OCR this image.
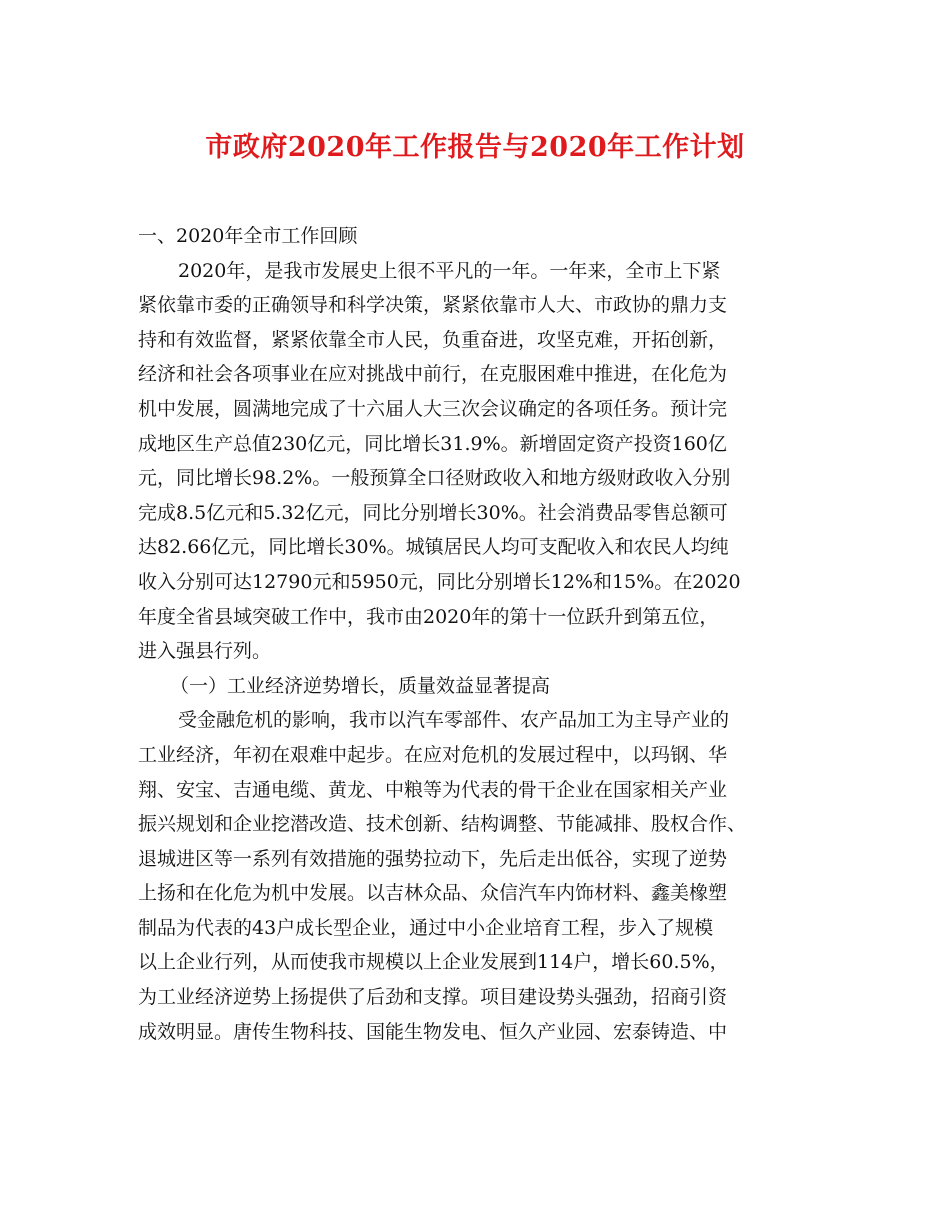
市政府2020年工作报告与2020年工作计划
一、2020年全市工作回顾
2020年，是我市发展史上很不平凡的一年。一年来，全市上下紧
紧依靠市委的正确领导和科学决策，紧紧依靠市人大、市政协的鼎力支
持和有效监督，紧紧依靠全市人民，负重奋进，攻坚克难，开拓创新，
经济和社会各项事业在应对挑战中前行，在克服困难中推进，在化危为
机中发展，圆满地完成了十六届人大三次会议确定的各项任务。预计完
成地区生产总值230亿元，同比增长31.9%。新增固定资产投资160亿
元，同比增长98.2%。一般预算全口径财政收入和地方级财政收入分别
完成8.5亿元和5.32亿元，同比分别增长30%。社会消费品零售总额可
达82.66亿元，同比增长30%。城镇居民人均可支配收入和农民人均纯
收入分别可达12790元和5950元，同比分别增长12%和15%。在2020
年度全省县域突破工作中，我市由2020年的第十一位跃升到第五位，
进入强县行列。
（一）工业经济逆势增长，质量效益显著提高
受金融危机的影响，我市以汽车零部件、农产品加工为主导产业的
工业经济，年初在艰难中起步。在应对危机的发展过程中，以玛钢、华
翔、安宝、吉通电缆、黄龙、中粮等为代表的骨干企业在国家相关产业
振兴规划和企业挖潜改造、技术创新、结构调整、节能减排、股权合作、
退城进区等一系列有效措施的强势拉动下，先后走出低谷，实现了逆势
上扬和在化危为机中发展。以吉林众品、众信汽车内饰材料、鑫美橡塑
制品为代表的43户成长型企业，通过中小企业培育工程，步入了规模
以上企业行列，从而使我市规模以上企业发展到114户，增长60.5%，
为工业经济逆势上扬提供了后劲和支撑。项目建设势头强劲，招商引资
成效明显。唐传生物科技、国能生物发电、恒久产业园、宏泰铸造、中
